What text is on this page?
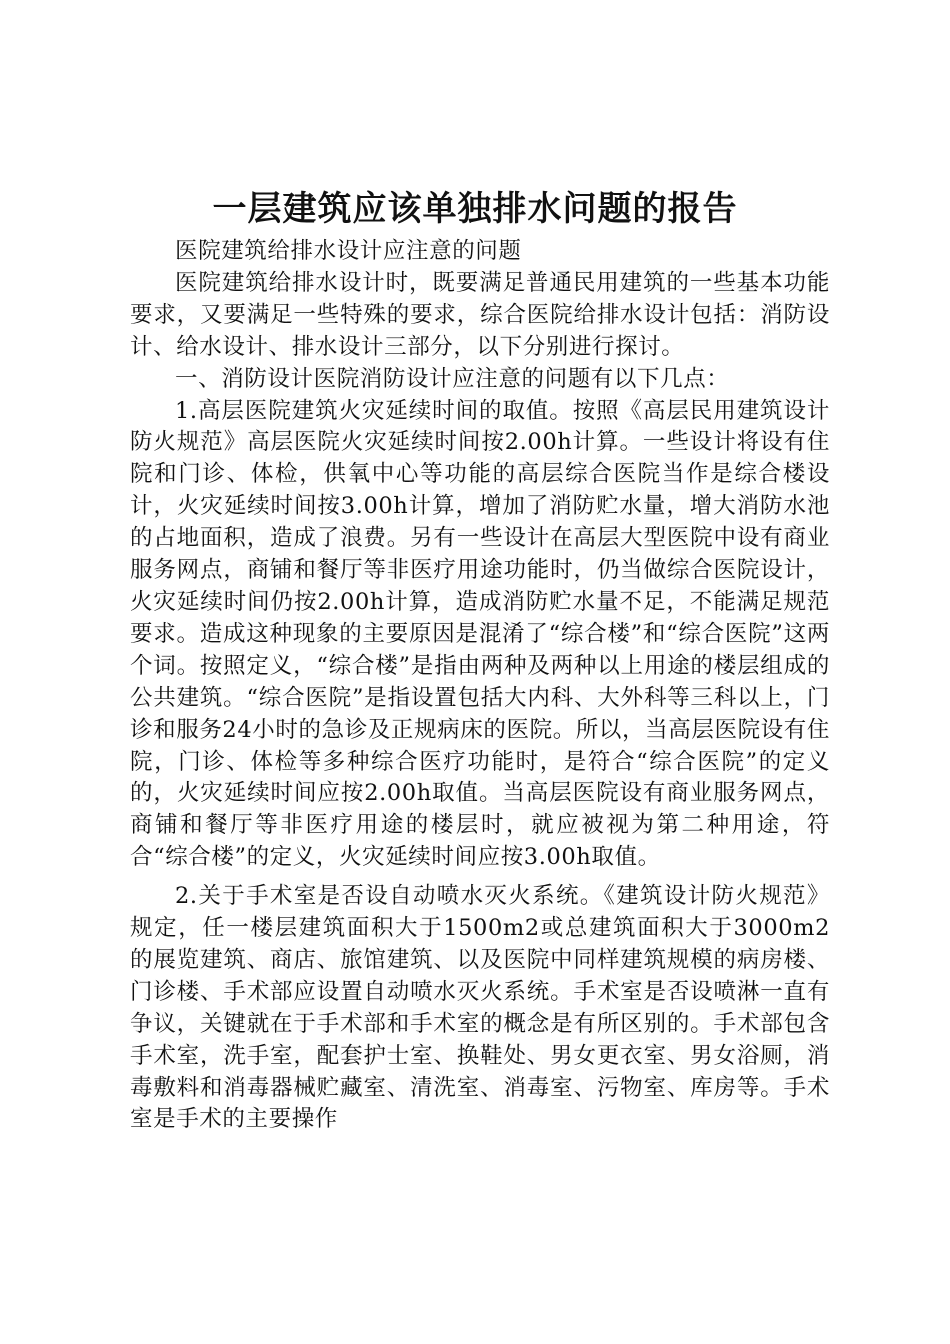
一层建筑应该单独排水问题的报告

医院建筑给排水设计应注意的问题

医院建筑给排水设计时，既要满足普通民用建筑的一些基本功能要求，又要满足一些特殊的要求，综合医院给排水设计包括：消防设计、给水设计、排水设计三部分，以下分别进行探讨。

一、消防设计医院消防设计应注意的问题有以下几点：

1.高层医院建筑火灾延续时间的取值。按照《高层民用建筑设计防火规范》高层医院火灾延续时间按2.00h计算。一些设计将设有住院和门诊、体检，供氧中心等功能的高层综合医院当作是综合楼设计，火灾延续时间按3.00h计算，增加了消防贮水量，增大消防水池的占地面积，造成了浪费。另有一些设计在高层大型医院中设有商业服务网点，商铺和餐厅等非医疗用途功能时，仍当做综合医院设计，火灾延续时间仍按2.00h计算，造成消防贮水量不足，不能满足规范要求。造成这种现象的主要原因是混淆了“综合楼”和“综合医院”这两个词。按照定义，“综合楼”是指由两种及两种以上用途的楼层组成的公共建筑。“综合医院”是指设置包括大内科、大外科等三科以上，门诊和服务24小时的急诊及正规病床的医院。所以，当高层医院设有住院，门诊、体检等多种综合医疗功能时，是符合“综合医院”的定义的，火灾延续时间应按2.00h取值。当高层医院设有商业服务网点，商铺和餐厅等非医疗用途的楼层时，就应被视为第二种用途，符合“综合楼”的定义，火灾延续时间应按3.00h取值。

2.关于手术室是否设自动喷水灭火系统。《建筑设计防火规范》规定，任一楼层建筑面积大于1500m2或总建筑面积大于3000m2的展览建筑、商店、旅馆建筑、以及医院中同样建筑规模的病房楼、门诊楼、手术部应设置自动喷水灭火系统。手术室是否设喷淋一直有争议，关键就在于手术部和手术室的概念是有所区别的。手术部包含手术室，洗手室，配套护士室、换鞋处、男女更衣室、男女浴厕，消毒敷料和消毒器械贮藏室、清洗室、消毒室、污物室、库房等。手术室是手术的主要操作
